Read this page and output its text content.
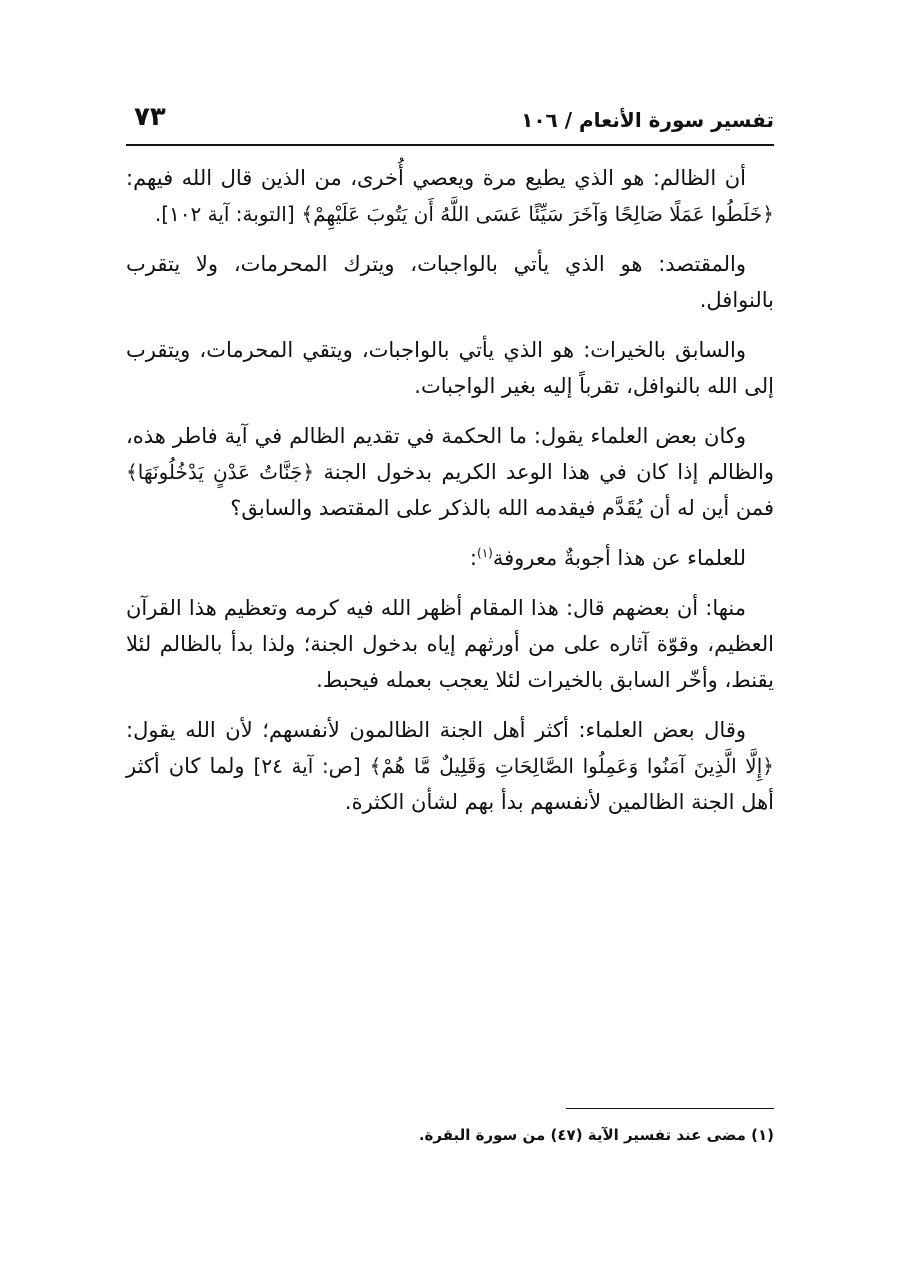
تفسير سورة الأنعام / ١٠٦
٧٣

أن الظالم: هو الذي يطيع مرة ويعصي أُخرى، من الذين قال الله فيهم: ﴿خَلَطُوا عَمَلًا صَالِحًا وَآخَرَ سَيِّئًا عَسَى اللَّهُ أَن يَتُوبَ عَلَيْهِمْ﴾ [التوبة: آية ١٠٢].

والمقتصد: هو الذي يأتي بالواجبات، ويترك المحرمات، ولا يتقرب بالنوافل.

والسابق بالخيرات: هو الذي يأتي بالواجبات، ويتقي المحرمات، ويتقرب إلى الله بالنوافل، تقرباً إليه بغير الواجبات.

وكان بعض العلماء يقول: ما الحكمة في تقديم الظالم في آية فاطر هذه، والظالم إذا كان في هذا الوعد الكريم بدخول الجنة ﴿جَنَّاتُ عَدْنٍ يَدْخُلُونَهَا﴾ فمن أين له أن يُقَدَّم فيقدمه الله بالذكر على المقتصد والسابق؟

للعلماء عن هذا أجوبةٌ معروفة$^{(١)}$:

منها: أن بعضهم قال: هذا المقام أظهر الله فيه كرمه وتعظيم هذا القرآن العظيم، وقوّة آثاره على من أورثهم إياه بدخول الجنة؛ ولذا بدأ بالظالم لئلا يقنط، وأخّر السابق بالخيرات لئلا يعجب بعمله فيحبط.

وقال بعض العلماء: أكثر أهل الجنة الظالمون لأنفسهم؛ لأن الله يقول: ﴿إِلَّا الَّذِينَ آمَنُوا وَعَمِلُوا الصَّالِحَاتِ وَقَلِيلٌ مَّا هُمْ﴾ [ص: آية ٢٤] ولما كان أكثر أهل الجنة الظالمين لأنفسهم بدأ بهم لشأن الكثرة.

(١) مضى عند تفسير الآية (٤٧) من سورة البقرة.
